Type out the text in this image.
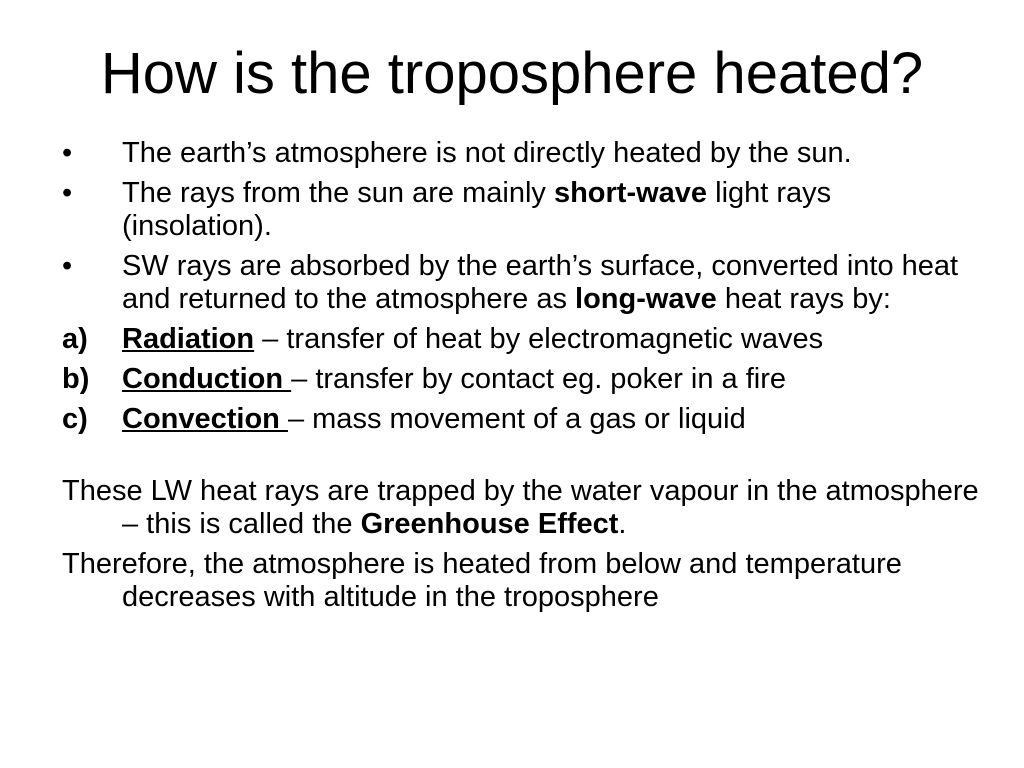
How is the troposphere heated?
•	The earth’s atmosphere is not directly heated by the sun.
•	The rays from the sun are mainly short-wave light rays (insolation).
•	SW rays are absorbed by the earth’s surface, converted into heat and returned to the atmosphere as long-wave heat rays by:
a)	Radiation – transfer of heat by electromagnetic waves
b)	Conduction – transfer by contact eg. poker in a fire
c)	Convection – mass movement of a gas or liquid
These LW heat rays are trapped by the water vapour in the atmosphere – this is called the Greenhouse Effect.
Therefore, the atmosphere is heated from below and temperature decreases with altitude in the troposphere
